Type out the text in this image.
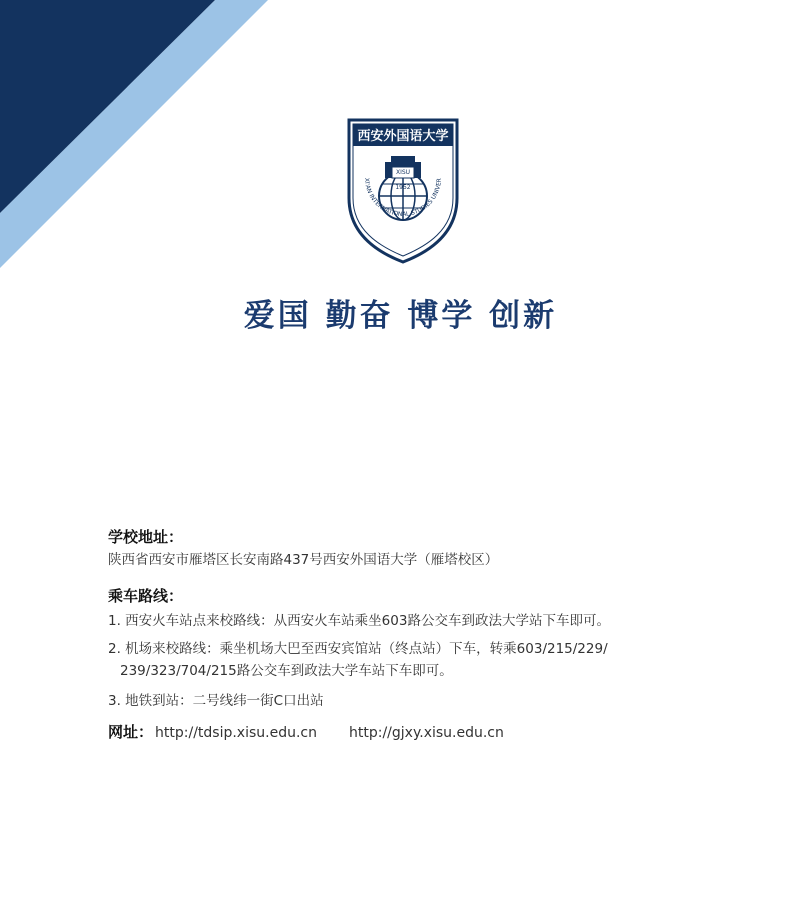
西安外国语大学
XISU
1952
XI'AN INTERNATIONAL STUDIES UNIVER
爱国 勤奋 博学 创新

学校地址：

陕西省西安市雁塔区长安南路437号西安外国语大学（雁塔校区）

乘车路线：

1. 西安火车站点来校路线：从西安火车站乘坐603路公交车到政法大学站下车即可。

2. 机场来校路线：乘坐机场大巴至西安宾馆站（终点站）下车，转乘603/215/229/

239/323/704/215路公交车到政法大学车站下车即可。

3. 地铁到站：二号线纬一街C口出站

网址： http://tdsip.xisu.edu.cn http://gjxy.xisu.edu.cn
